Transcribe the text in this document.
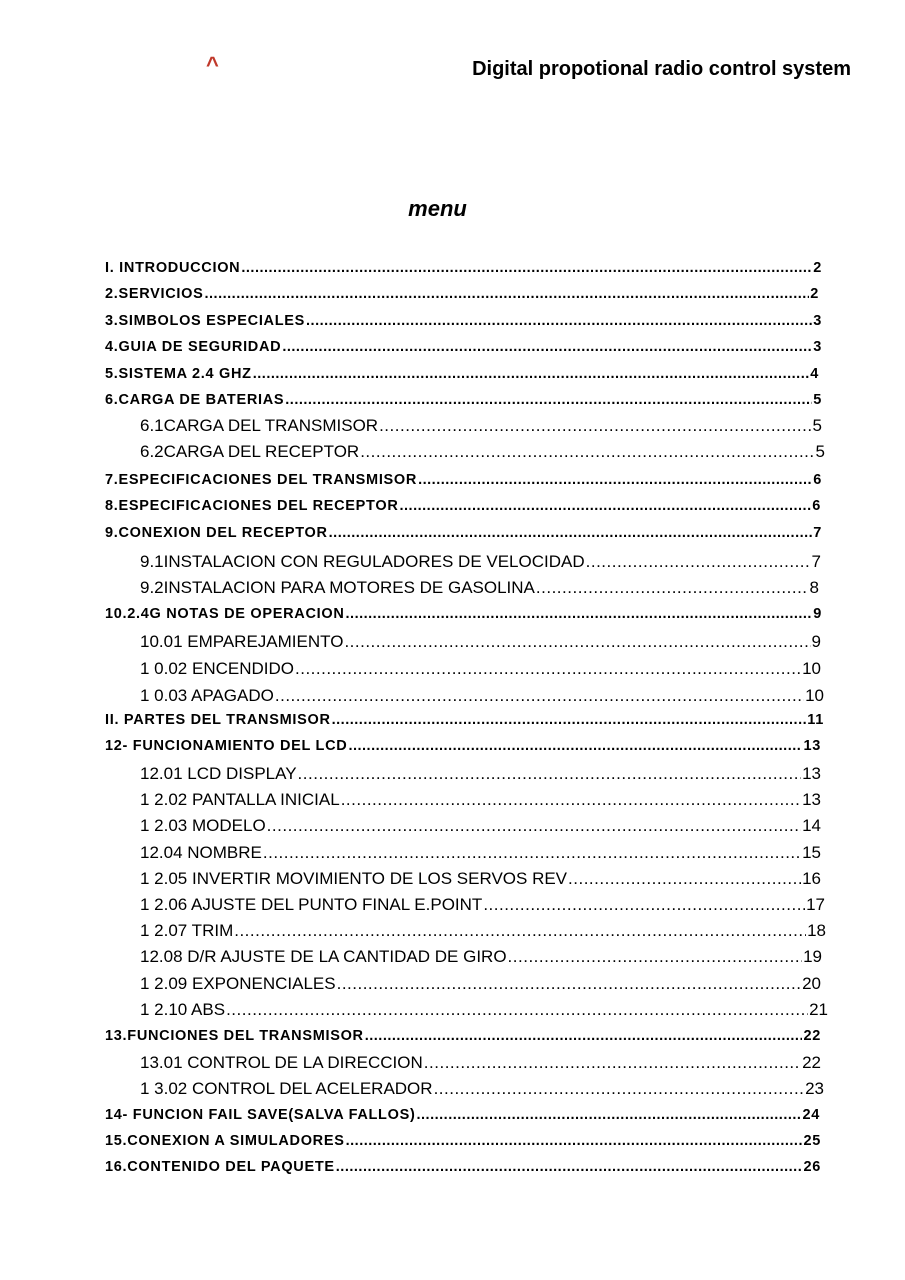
^	Digital propotional radio control system
menu
I. INTRODUCCION .....	2
2.SERVICIOS .....	2
3.SIMBOLOS ESPECIALES .....	3
4.GUIA DE SEGURIDAD .....	3
5.SISTEMA 2.4 GHZ .....	4
6.CARGA DE BATERIAS .....	5
6.1 CARGA DEL TRANSMISOR .....	5
6.2 CARGA DEL RECEPTOR .....	5
7.ESPECIFICACIONES DEL TRANSMISOR .....	6
8.ESPECIFICACIONES DEL RECEPTOR .....	6
9.CONEXION DEL RECEPTOR .....	7
9.1 INSTALACION CON REGULADORES DE VELOCIDAD .....	7
9.2 INSTALACION PARA MOTORES DE GASOLINA .....	8
10.2.4G NOTAS DE OPERACION .....	9
10.01 EMPAREJAMIENTO .....	9
1 0.02 ENCENDIDO .....	10
1 0.03 APAGADO .....	10
II. PARTES DEL TRANSMISOR .....	11
12- FUNCIONAMIENTO DEL LCD .....	13
12.01 LCD DISPLAY .....	13
1 2.02 PANTALLA INICIAL .....	13
1 2.03 MODELO .....	14
12.04 NOMBRE .....	15
1 2.05 INVERTIR MOVIMIENTO DE LOS SERVOS REV .....	16
1 2.06 AJUSTE DEL PUNTO FINAL E.POINT .....	17
1 2.07 TRIM .....	18
12.08 D/R AJUSTE DE LA CANTIDAD DE GIRO .....	19
1 2.09 EXPONENCIALES .....	20
1 2.10 ABS .....	21
13.FUNCIONES DEL TRANSMISOR .....	22
13.01 CONTROL DE LA DIRECCION .....	22
1 3.02 CONTROL DEL ACELERADOR .....	23
14- FUNCION FAIL SAVE(SALVA FALLOS) .....	24
15.CONEXION A SIMULADORES .....	25
16.CONTENIDO DEL PAQUETE .....	26
